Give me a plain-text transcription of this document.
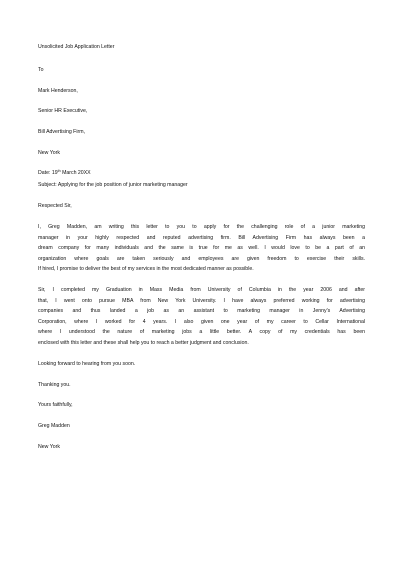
Unsolicited Job Application Letter
To
Mark Henderson,
Senior HR Executive,
Bill Advertising Firm,
New York
Date: 19th March 20XX
Subject: Applying for the job position of junior marketing manager
Respected Sir,
I, Greg Madden, am writing this letter to you to apply for the challenging role of a junior marketing
manager in your highly respected and reputed advertising firm. Bill Advertising Firm has always been a
dream company for many individuals and the same is true for me as well. I would love to be a part of an
organization where goals are taken seriously and employees are given freedom to exercise their skills.
If hired, I promise to deliver the best of my services in the most dedicated manner as possible.
Sir, I completed my Graduation in Mass Media from University of Columbia in the year 2006 and after
that, I went onto pursue MBA from New York University. I have always preferred working for advertising
companies and thus landed a job as an assistant to marketing manager in Jenny's Advertising
Corporation, where I worked for 4 years. I also given one year of my career to Cellar International
where I understood the nature of marketing jobs a little better. A copy of my credentials has been
enclosed with this letter and these shall help you to reach a better judgment and conclusion.
Looking forward to hearing from you soon.
Thanking you.
Yours faithfully,
Greg Madden
New York
